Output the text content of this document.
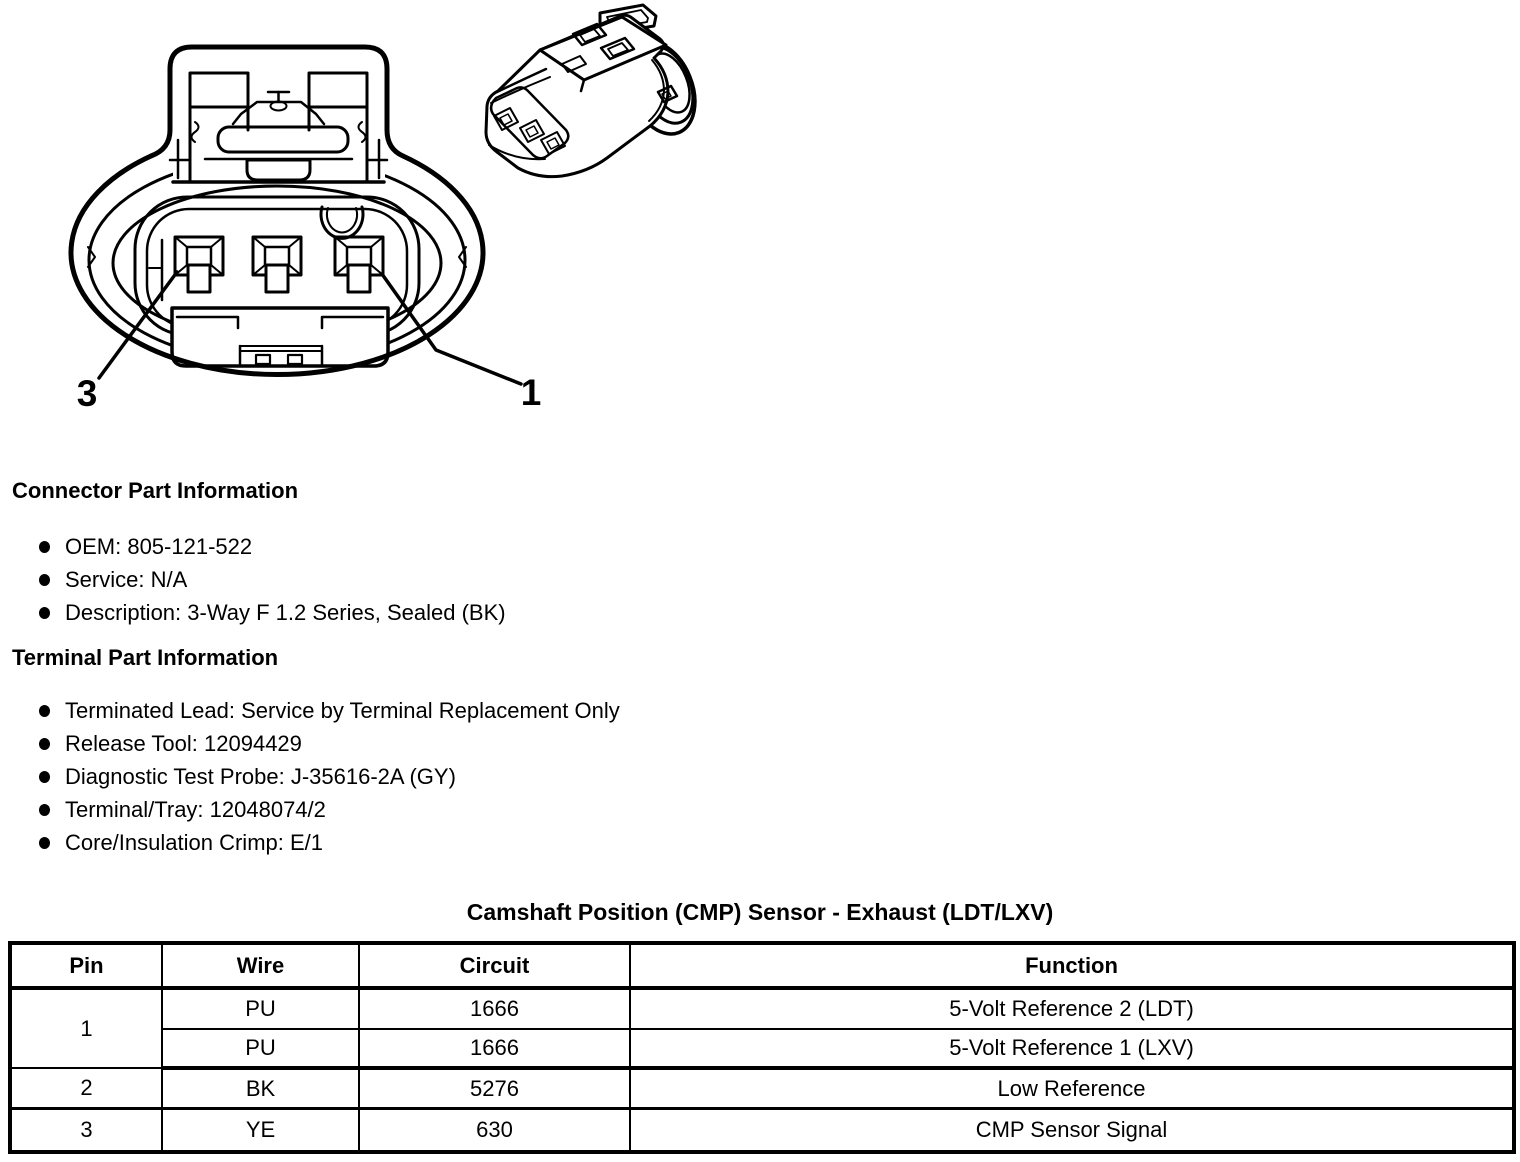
3	1
Connector Part Information
OEM: 805-121-522
Service: N/A
Description: 3-Way F 1.2 Series, Sealed (BK)
Terminal Part Information
Terminated Lead: Service by Terminal Replacement Only
Release Tool: 12094429
Diagnostic Test Probe: J-35616-2A (GY)
Terminal/Tray: 12048074/2
Core/Insulation Crimp: E/1
Camshaft Position (CMP) Sensor - Exhaust (LDT/LXV)
Pin	Wire	Circuit	Function
1	PU	1666	5-Volt Reference 2 (LDT)
	PU	1666	5-Volt Reference 1 (LXV)
2	BK	5276	Low Reference
3	YE	630	CMP Sensor Signal
